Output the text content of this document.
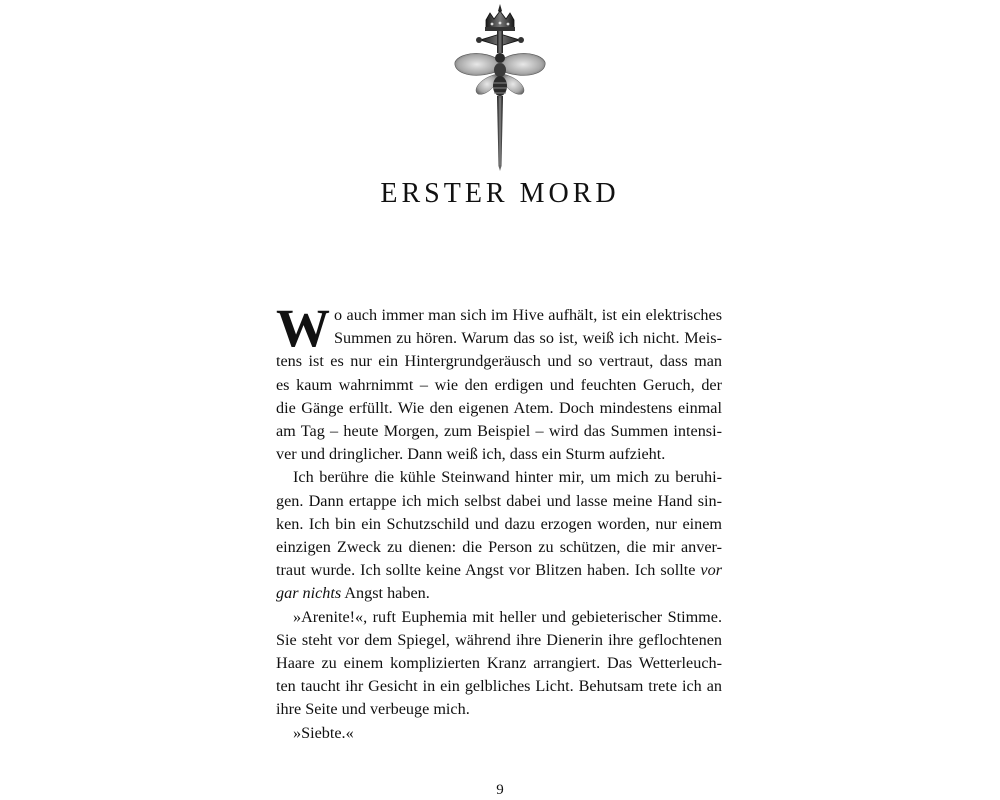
ERSTER MORD
W o auch immer man sich im Hive aufhält, ist ein elektrisches
Summen zu hören. Warum das so ist, weiß ich nicht. Meis-
tens ist es nur ein Hintergrundgeräusch und so vertraut, dass man
es kaum wahrnimmt – wie den erdigen und feuchten Geruch, der
die Gänge erfüllt. Wie den eigenen Atem. Doch mindestens einmal
am Tag – heute Morgen, zum Beispiel – wird das Summen intensi-
ver und dringlicher. Dann weiß ich, dass ein Sturm aufzieht.
Ich berühre die kühle Steinwand hinter mir, um mich zu beruhi-
gen. Dann ertappe ich mich selbst dabei und lasse meine Hand sin-
ken. Ich bin ein Schutzschild und dazu erzogen worden, nur einem
einzigen Zweck zu dienen: die Person zu schützen, die mir anver-
traut wurde. Ich sollte keine Angst vor Blitzen haben. Ich sollte vor
gar nichts Angst haben.
»Arenite!«, ruft Euphemia mit heller und gebieterischer Stimme.
Sie steht vor dem Spiegel, während ihre Dienerin ihre geflochtenen
Haare zu einem komplizierten Kranz arrangiert. Das Wetterleuch-
ten taucht ihr Gesicht in ein gelbliches Licht. Behutsam trete ich an
ihre Seite und verbeuge mich.
»Siebte.«
9
